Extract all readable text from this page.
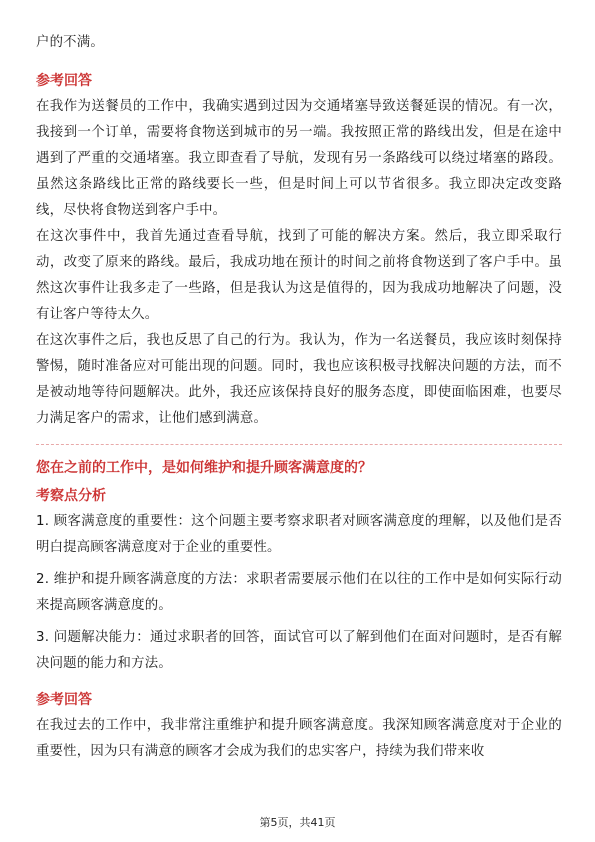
户的不满。

参考回答

在我作为送餐员的工作中，我确实遇到过因为交通堵塞导致送餐延误的情况。有一次，我接到一个订单，需要将食物送到城市的另一端。我按照正常的路线出发，但是在途中遇到了严重的交通堵塞。我立即查看了导航，发现有另一条路线可以绕过堵塞的路段。虽然这条路线比正常的路线要长一些，但是时间上可以节省很多。我立即决定改变路线，尽快将食物送到客户手中。

在这次事件中，我首先通过查看导航，找到了可能的解决方案。然后，我立即采取行动，改变了原来的路线。最后，我成功地在预计的时间之前将食物送到了客户手中。虽然这次事件让我多走了一些路，但是我认为这是值得的，因为我成功地解决了问题，没有让客户等待太久。

在这次事件之后，我也反思了自己的行为。我认为，作为一名送餐员，我应该时刻保持警惕，随时准备应对可能出现的问题。同时，我也应该积极寻找解决问题的方法，而不是被动地等待问题解决。此外，我还应该保持良好的服务态度，即使面临困难，也要尽力满足客户的需求，让他们感到满意。

您在之前的工作中，是如何维护和提升顾客满意度的？
考察点分析

1. 顾客满意度的重要性：这个问题主要考察求职者对顾客满意度的理解，以及他们是否明白提高顾客满意度对于企业的重要性。

2. 维护和提升顾客满意度的方法：求职者需要展示他们在以往的工作中是如何实际行动来提高顾客满意度的。

3. 问题解决能力：通过求职者的回答，面试官可以了解到他们在面对问题时，是否有解决问题的能力和方法。

参考回答

在我过去的工作中，我非常注重维护和提升顾客满意度。我深知顾客满意度对于企业的重要性，因为只有满意的顾客才会成为我们的忠实客户，持续为我们带来收

第5页，共41页
